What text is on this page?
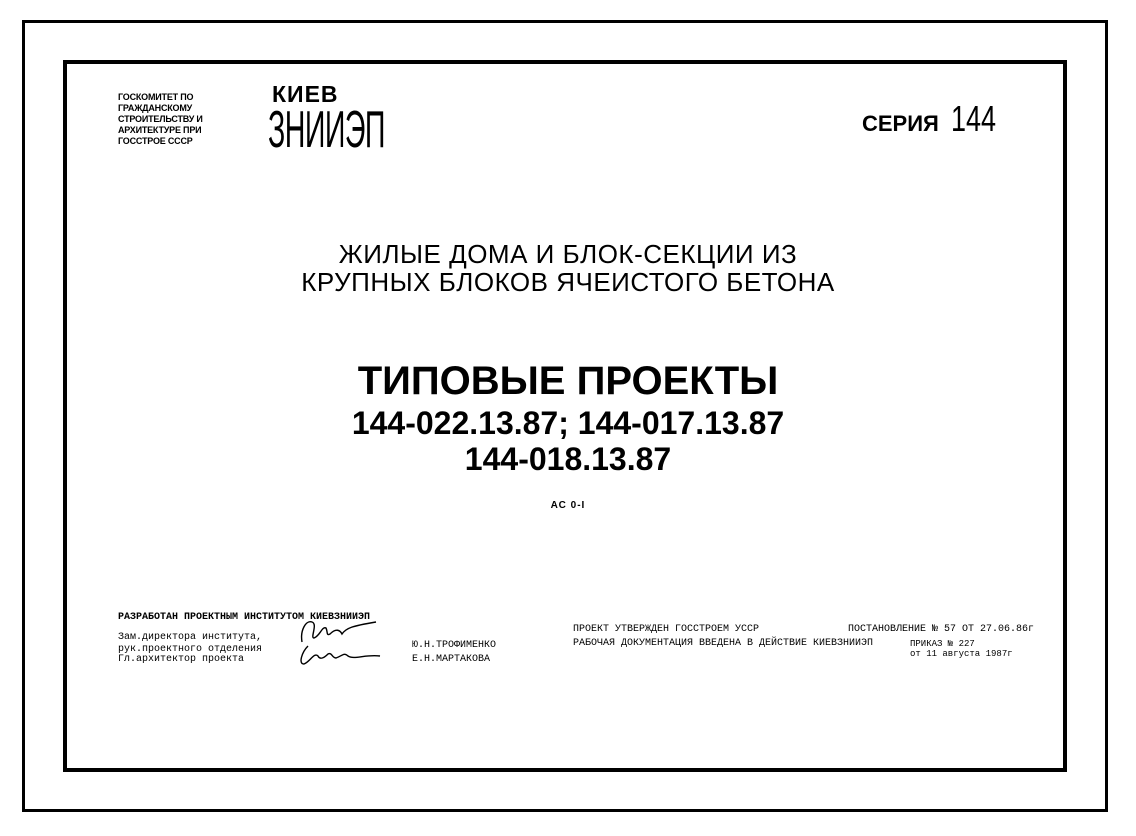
ГОСКОМИТЕТ ПО
ГРАЖДАНСКОМУ
СТРОИТЕЛЬСТВУ И
АРХИТЕКТУРЕ ПРИ
ГОССТРОЕ СССР
КИЕВ
ЗНИИЭП	СЕРИЯ 144
ЖИЛЫЕ ДОМА И БЛОК-СЕКЦИИ ИЗ
КРУПНЫХ БЛОКОВ ЯЧЕИСТОГО БЕТОНА
ТИПОВЫЕ ПРОЕКТЫ
144-022.13.87; 144-017.13.87
144-018.13.87
АС 0-I
РАЗРАБОТАН ПРОЕКТНЫМ ИНСТИТУТОМ КИЕВЗНИИЭП
Зам.директора института,
рук.проектного отделения
Гл.архитектор проекта
Ю.Н.ТРОФИМЕНКО
Е.Н.МАРТАКОВА
ПРОЕКТ УТВЕРЖДЕН ГОССТРОЕМ УССР
РАБОЧАЯ ДОКУМЕНТАЦИЯ ВВЕДЕНА В ДЕЙСТВИЕ КИЕВЗНИИЭП
ПОСТАНОВЛЕНИЕ № 57 ОТ 27.06.86г
ПРИКАЗ № 227
от 11 августа 1987г
